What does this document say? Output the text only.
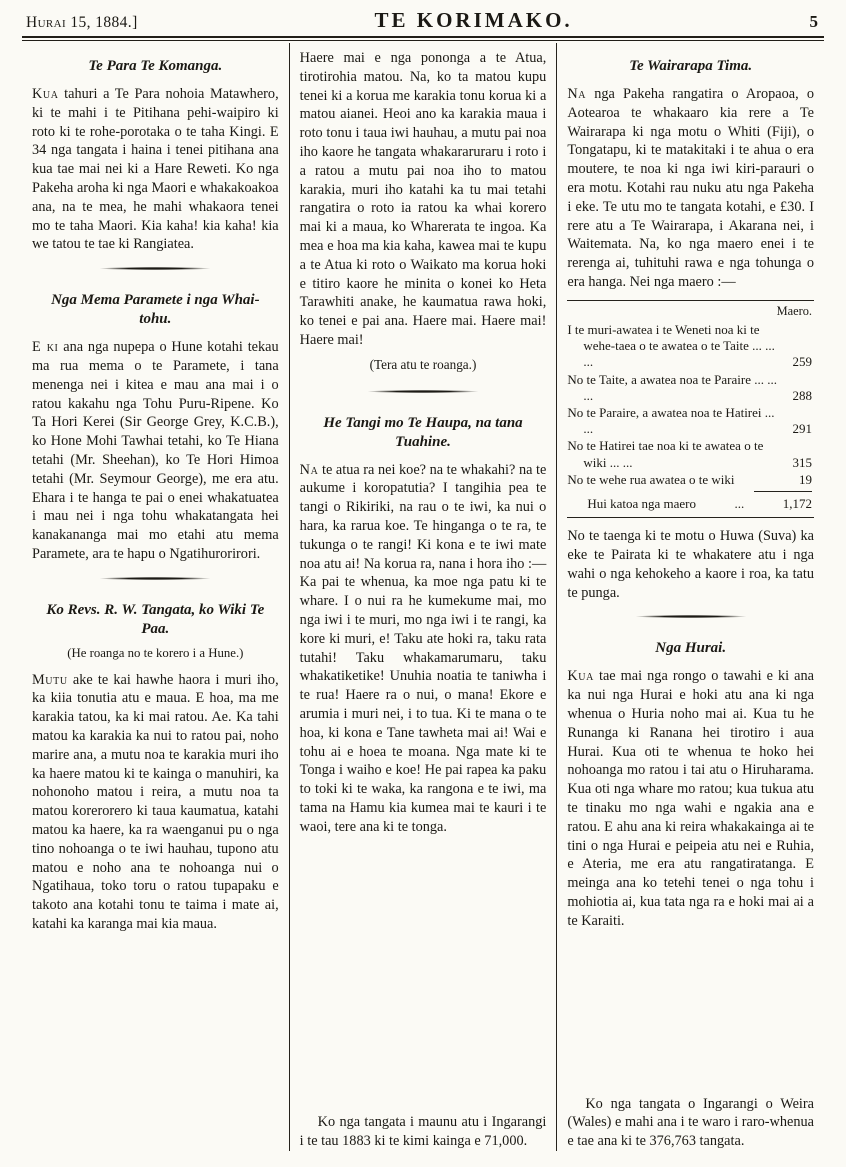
Hurai 15, 1884.]	TE KORIMAKO.	5
Te Para Te Komanga.

Kua tahuri a Te Para nohoia Matawhero, ki te mahi i te Pitihana pehi-waipiro ki roto ki te rohe-porotaka o te taha Kingi. E 34 nga tangata i haina i tenei pitihana ana kua tae mai nei ki a Hare Reweti. Ko nga Pakeha aroha ki nga Maori e whakakoakoa ana, na te mea, he mahi whakaora tenei mo te taha Maori. Kia kaha! kia kaha! kia we tatou te tae ki Rangiatea.

Nga Mema Paramete i nga Whai-tohu.

E ki ana nga nupepa o Hune kotahi tekau ma rua mema o te Paramete, i tana menenga nei i kitea e mau ana mai i o ratou kakahu nga Tohu Puru-Ripene. Ko Ta Hori Kerei (Sir George Grey, K.C.B.), ko Hone Mohi Tawhai tetahi, ko Te Hiana tetahi (Mr. Sheehan), ko Te Hori Himoa tetahi (Mr. Seymour George), me era atu. Ehara i te hanga te pai o enei whakatuatea i mau nei i nga tohu whakatangata hei kanakananga mai mo etahi atu mema Paramete, ara te hapu o Ngatihurorirori.

Ko Revs. R. W. Tangata, ko Wiki Te Paa.
(He roanga no te korero i a Hune.)

Mutu ake te kai hawhe haora i muri iho, ka kiia tonutia atu e maua. E hoa, ma me karakia tatou, ka ki mai ratou. Ae. Ka tahi matou ka karakia ka nui to ratou pai, noho marire ana, a mutu noa te karakia muri iho ka haere matou ki te kainga o manuhiri, ka nohonoho matou i reira, a mutu noa ta matou korerorero ki taua kaumatua, katahi matou ka haere, ka ra waenganui pu o nga tino nohoanga o te iwi hauhau, tupono atu matou e noho ana te nohoanga nui o Ngatihaua, toko toru o ratou tupapaku e takoto ana kotahi tonu te taima i mate ai, katahi ka karanga mai kia maua.

Haere mai e nga pononga a te Atua, tirotirohia matou. Na, ko ta matou kupu tenei ki a korua me karakia tonu korua ki a matou aianei. Heoi ano ka karakia maua i roto tonu i taua iwi hauhau, a mutu pai noa iho kaore he tangata whakararuraru i roto i a ratou a mutu pai noa iho to matou karakia, muri iho katahi ka tu mai tetahi rangatira o roto ia ratou ka whai korero mai ki a maua, ko Wharerata te ingoa. Ka mea e hoa ma kia kaha, kawea mai te kupu a te Atua ki roto o Waikato ma korua hoki e titiro kaore he minita o konei ko Heta Tarawhiti anake, he kaumatua rawa hoki, ko tenei e pai ana. Haere mai. Haere mai! Haere mai!

(Tera atu te roanga.)
He Tangi mo Te Haupa, na tana Tuahine.

Na te atua ra nei koe? na te whakahi? na te aukume i koropatutia? I tangihia pea te tangi o Rikiriki, na rau o te iwi, ka nui o hara, ka rarua koe. Te hinganga o te ra, te tukunga o te rangi! Ki kona e te iwi mate noa atu ai! Na korua ra, nana i hora iho :—Ka pai te whenua, ka moe nga patu ki te whare. I o nui ra he kumekume mai, mo nga iwi i te muri, mo nga iwi i te rangi, ka kore ki muri, e! Taku ate hoki ra, taku rata tutahi! Taku whakamarumaru, taku whakatiketike! Unuhia noatia te taniwha i te rua! Haere ra o nui, o mana! Ekore e arumia i muri nei, i to tua. Ki te mana o te hoa, ki kona e Tane tawheta mai ai! Wai e tohu ai e hoea te moana. Nga mate ki te Tonga i waiho e koe! He pai rapea ka paku to toki ki te waka, ka rangona e te iwi, ma tama na Hamu kia kumea mai te kauri i te waoi, tere ana ki te tonga.

Ko nga tangata i maunu atu i Ingarangi i te tau 1883 ki te kimi kainga e 71,000.

Te Wairarapa Tima.

Na nga Pakeha rangatira o Aropaoa, o Aotearoa te whakaaro kia rere a Te Wairarapa ki nga motu o Whiti (Fiji), o Tongatapu, ki te matakitaki i te ahua o era moutere, te noa ki nga iwi kiri-parauri o era motu. Kotahi rau nuku atu nga Pakeha i eke. Te utu mo te tangata kotahi, e £30. I rere atu a Te Wairarapa, i Akarana nei, i Waitemata. Na, ko nga maero enei i te rerenga ai, tuhituhi rawa e nga tohunga o era hanga. Nei nga maero :—

Maero.
I te muri-awatea i te Weneti noa ki te wehe-taea o te awatea o te Taite ... ... ...	259
No te Taite, a awatea noa te Paraire ... ... ...	288
No te Paraire, a awatea noa te Hatirei ... ...	291
No te Hatirei tae noa ki te awatea o te wiki ... ...	315
No te wehe rua awatea o te wiki	19
Hui katoa nga maero	...	1,172

No te taenga ki te motu o Huwa (Suva) ka eke te Pairata ki te whakatere atu i nga wahi o nga kehokeho a kaore i roa, ka tatu te punga.

Nga Hurai.

Kua tae mai nga rongo o tawahi e ki ana ka nui nga Hurai e hoki atu ana ki nga whenua o Huria noho mai ai. Kua tu he Runanga ki Ranana hei tirotiro i aua Hurai. Kua oti te whenua te hoko hei nohoanga mo ratou i tai atu o Hiruharama. Kua oti nga whare mo ratou; kua tukua atu te tinaku mo nga wahi e ngakia ana e ratou. E ahu ana ki reira whakakainga ai te tini o nga Hurai e peipeia atu nei e Ruhia, e Ateria, me era atu rangatiratanga. E meinga ana ko tetehi tenei o nga tohu i mohiotia ai, kua tata nga ra e hoki mai ai a te Karaiti.

Ko nga tangata o Ingarangi o Weira (Wales) e mahi ana i te waro i raro-whenua e tae ana ki te 376,763 tangata.
